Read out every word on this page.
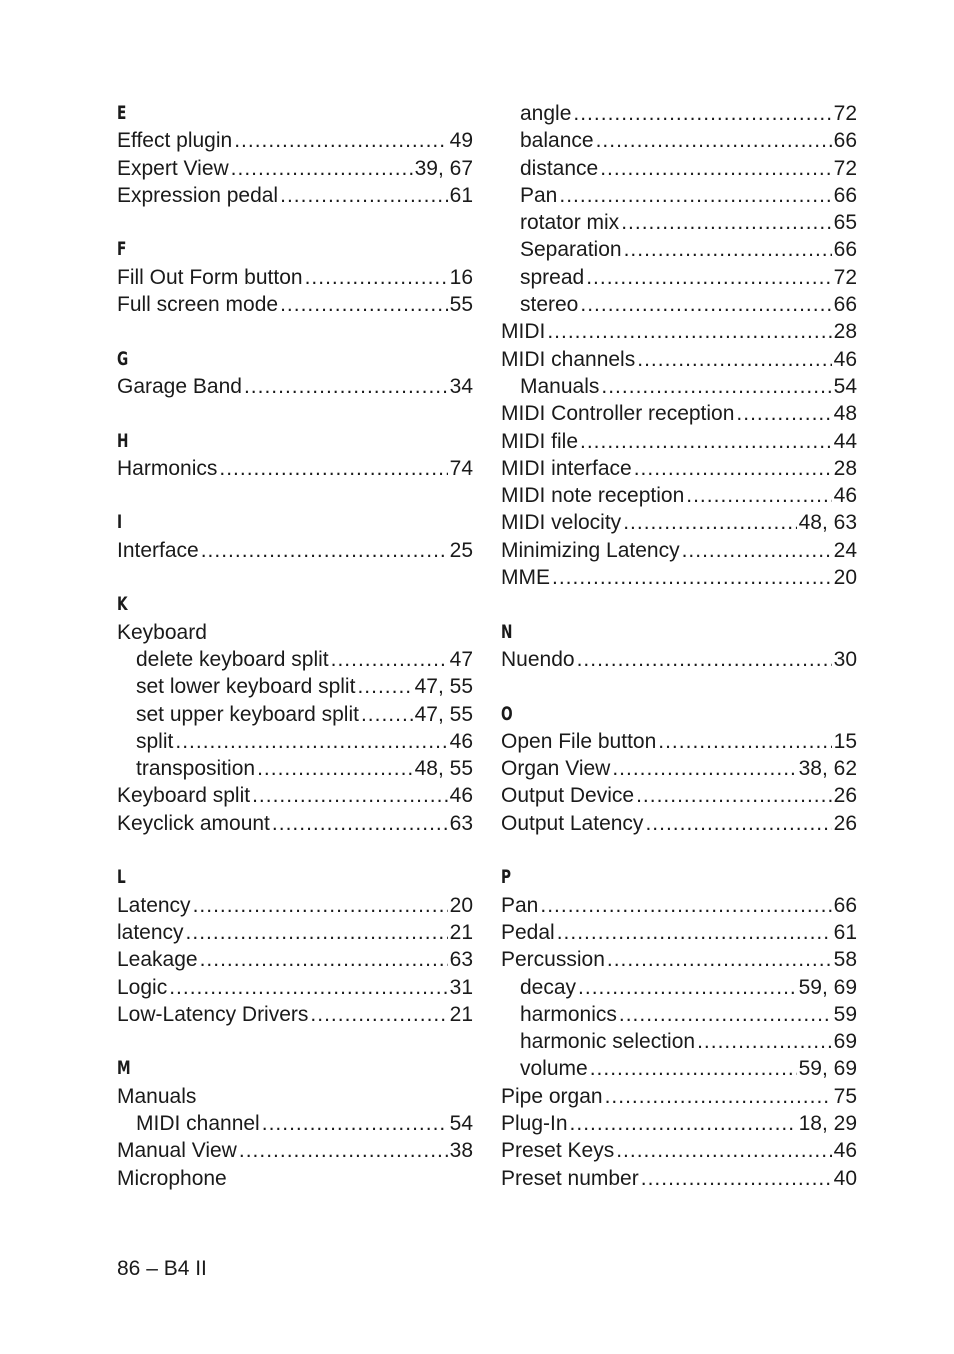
E
Effect plugin .....	49
Expert View .....	39, 67
Expression pedal .....	61
F
Fill Out Form button .....	16
Full screen mode .....	55
G
Garage Band .....	34
H
Harmonics .....	74
I
Interface .....	25
K
Keyboard
delete keyboard split .....	47
set lower keyboard split .....	47, 55
set upper keyboard split .....	47, 55
split .....	46
transposition .....	48, 55
Keyboard split .....	46
Keyclick amount .....	63
L
Latency .....	20
latency .....	21
Leakage .....	63
Logic .....	31
Low-Latency Drivers .....	21
M
Manuals
MIDI channel .....	54
Manual View .....	38
Microphone
angle .....	72
balance .....	66
distance .....	72
Pan .....	66
rotator mix .....	65
Separation .....	66
spread .....	72
stereo .....	66
MIDI .....	28
MIDI channels .....	46
Manuals .....	54
MIDI Controller reception .....	48
MIDI file .....	44
MIDI interface .....	28
MIDI note reception .....	46
MIDI velocity .....	48, 63
Minimizing Latency .....	24
MME .....	20
N
Nuendo .....	30
O
Open File button .....	15
Organ View .....	38, 62
Output Device .....	26
Output Latency .....	26
P
Pan .....	66
Pedal .....	61
Percussion .....	58
decay .....	59, 69
harmonics .....	59
harmonic selection .....	69
volume .....	59, 69
Pipe organ .....	75
Plug-In .....	18, 29
Preset Keys .....	46
Preset number .....	40
86 – B4 II
